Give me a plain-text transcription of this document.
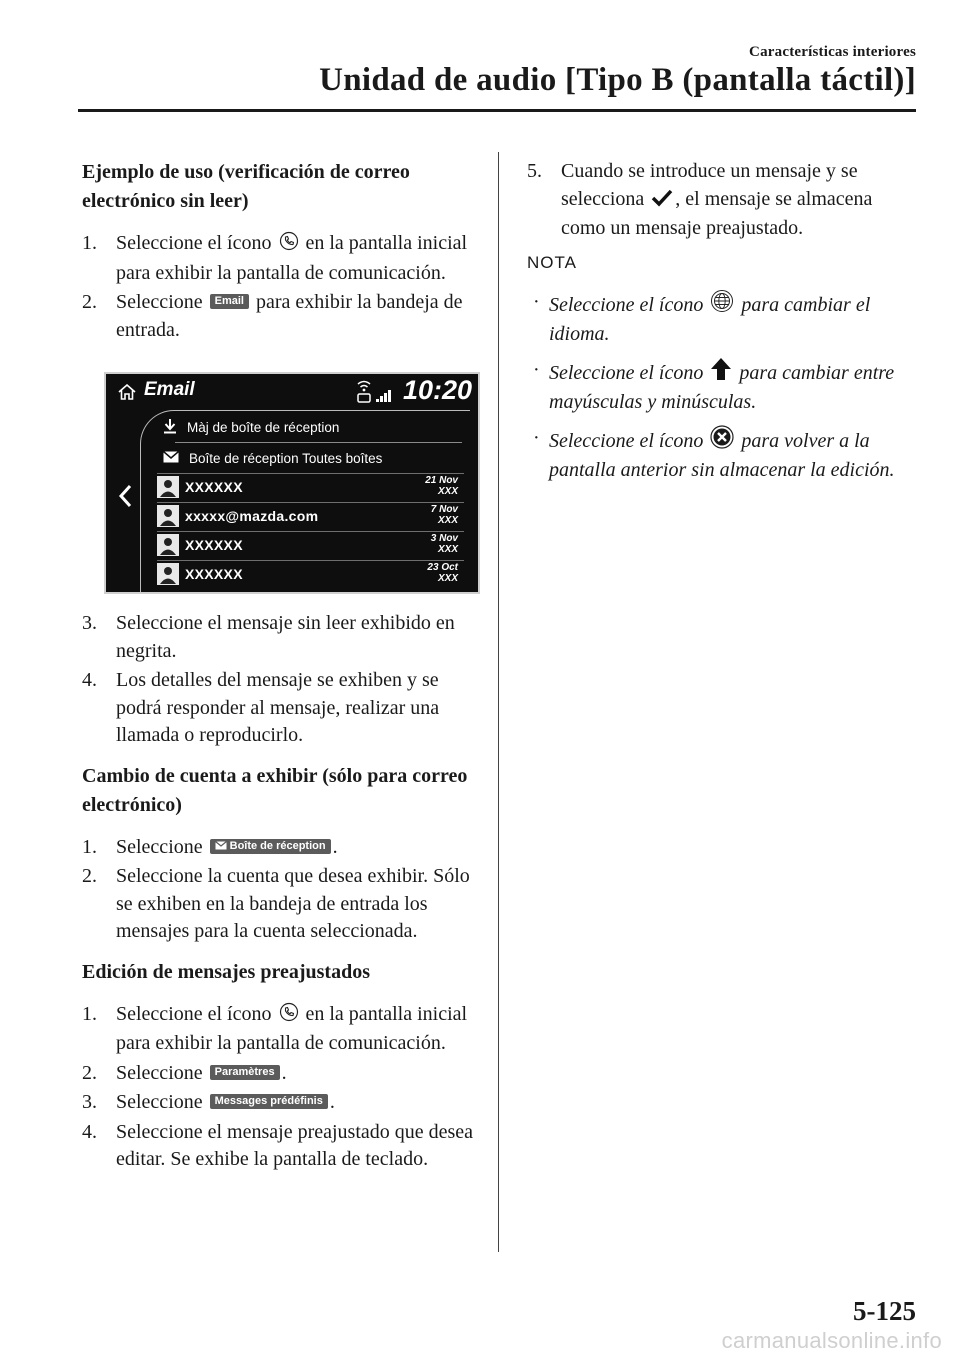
Características interiores
Unidad de audio [Tipo B (pantalla táctil)]
Ejemplo de uso (verificación de correo electrónico sin leer)
1. Seleccione el ícono en la pantalla inicial para exhibir la pantalla de comunicación.
2. Seleccione Email para exhibir la bandeja de entrada.
Email	10:20
Màj de boîte de réception
Boîte de réception Toutes boîtes
XXXXXX	21 Nov
XXX
xxxxx@mazda.com	7 Nov
XXX
XXXXXX	3 Nov
XXX
XXXXXX	23 Oct
XXX
3. Seleccione el mensaje sin leer exhibido en negrita.
4. Los detalles del mensaje se exhiben y se podrá responder al mensaje, realizar una llamada o reproducirlo.
Cambio de cuenta a exhibir (sólo para correo electrónico)
1. Seleccione Boîte de réception .
2. Seleccione la cuenta que desea exhibir. Sólo se exhiben en la bandeja de entrada los mensajes para la cuenta seleccionada.
Edición de mensajes preajustados
1. Seleccione el ícono en la pantalla inicial para exhibir la pantalla de comunicación.
2. Seleccione Paramètres .
3. Seleccione Messages prédéfinis .
4. Seleccione el mensaje preajustado que desea editar. Se exhibe la pantalla de teclado.
5. Cuando se introduce un mensaje y se selecciona , el mensaje se almacena como un mensaje preajustado.
NOTA
· Seleccione el ícono para cambiar el idioma.
· Seleccione el ícono para cambiar entre mayúsculas y minúsculas.
· Seleccione el ícono para volver a la pantalla anterior sin almacenar la edición.
5-125
carmanualsonline.info
